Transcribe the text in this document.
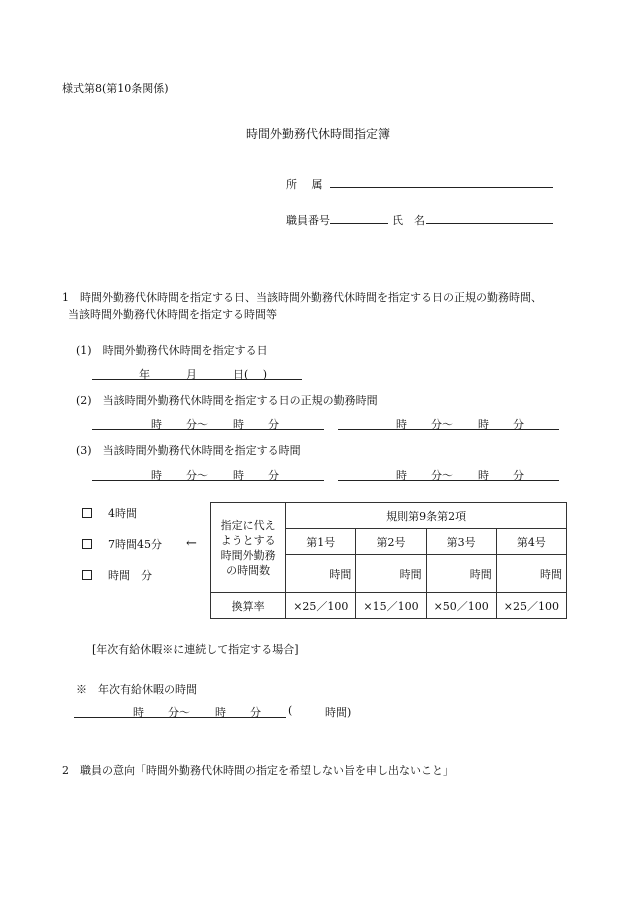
様式第8(第10条関係)
時間外勤務代休時間指定簿
所　 属
職員番号	氏　名
1　時間外勤務代休時間を指定する日、当該時間外勤務代休時間を指定する日の正規の勤務時間、
当該時間外勤務代休時間を指定する時間等
(1)　時間外勤務代休時間を指定する日
年	月	日(　 )
(2)　当該時間外勤務代休時間を指定する日の正規の勤務時間
時 分〜 時 分	時 分〜 時 分
(3)　当該時間外勤務代休時間を指定する時間
時 分〜 時 分	時 分〜 時 分
4時間
7時間45分
時間　分
←
指定に代え
ようとする
時間外勤務
の時間数	規則第9条第2項			
	第1号	第2号	第3号	第4号
	時間	時間	時間	時間
換算率	×25／100	×15／100	×50／100	×25／100
[年次有給休暇※に連続して指定する場合]
※　年次有給休暇の時間
時 分〜 時 分 (	時間)
2　職員の意向「時間外勤務代休時間の指定を希望しない旨を申し出ないこと」
